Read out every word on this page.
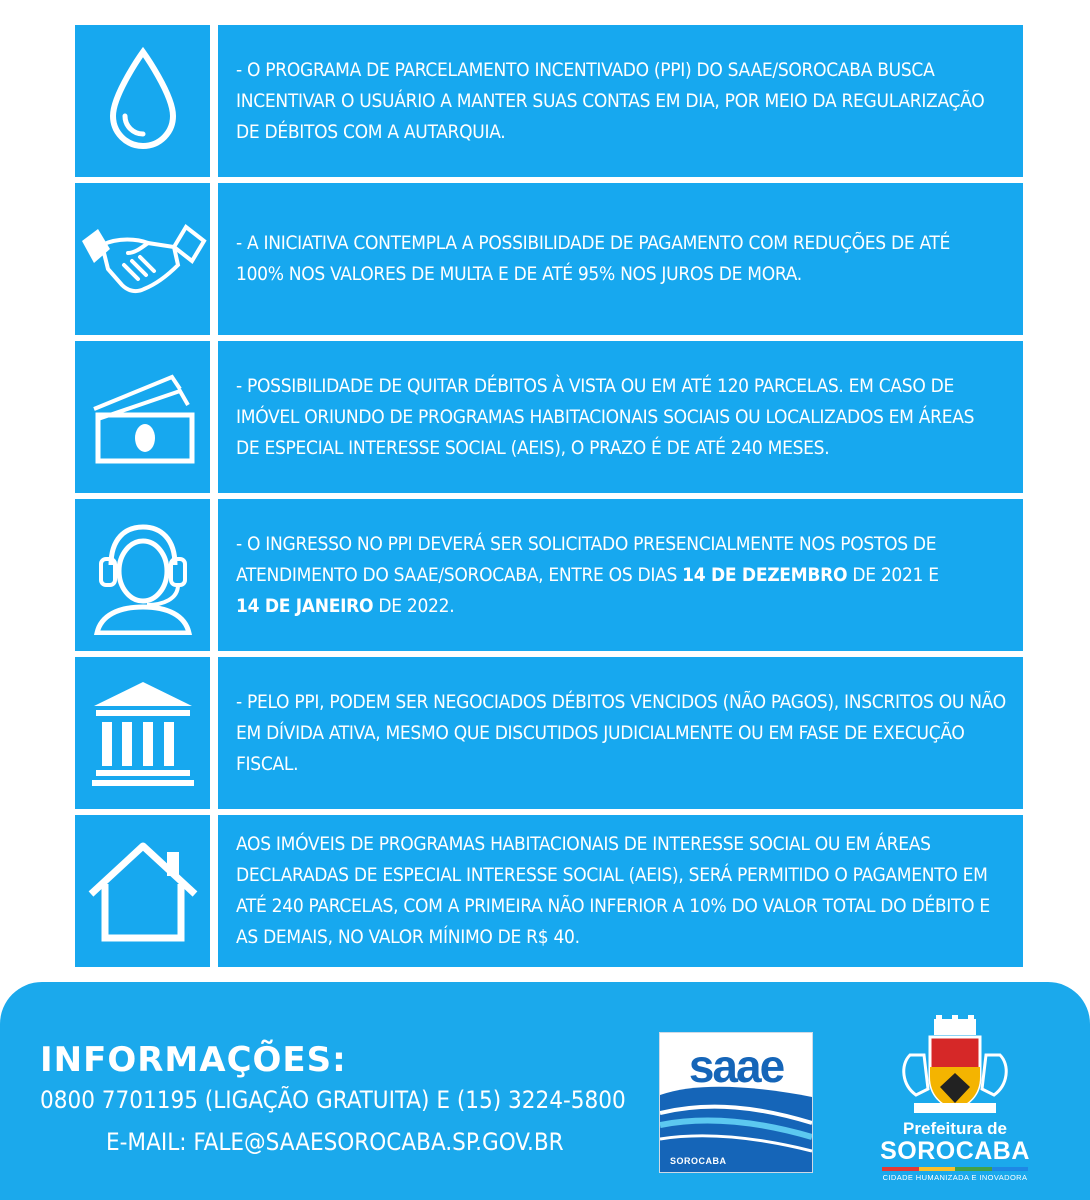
- O PROGRAMA DE PARCELAMENTO INCENTIVADO (PPI) DO SAAE/SOROCABA BUSCA INCENTIVAR O USUÁRIO A MANTER SUAS CONTAS EM DIA, POR MEIO DA REGULARIZAÇÃO DE DÉBITOS COM A AUTARQUIA.

- A INICIATIVA CONTEMPLA A POSSIBILIDADE DE PAGAMENTO COM REDUÇÕES DE ATÉ 100% NOS VALORES DE MULTA E DE ATÉ 95% NOS JUROS DE MORA.

- POSSIBILIDADE DE QUITAR DÉBITOS À VISTA OU EM ATÉ 120 PARCELAS. EM CASO DE IMÓVEL ORIUNDO DE PROGRAMAS HABITACIONAIS SOCIAIS OU LOCALIZADOS EM ÁREAS DE ESPECIAL INTERESSE SOCIAL (AEIS), O PRAZO É DE ATÉ 240 MESES.

- O INGRESSO NO PPI DEVERÁ SER SOLICITADO PRESENCIALMENTE NOS POSTOS DE ATENDIMENTO DO SAAE/SOROCABA, ENTRE OS DIAS 14 DE DEZEMBRO DE 2021 E 14 DE JANEIRO DE 2022.

- PELO PPI, PODEM SER NEGOCIADOS DÉBITOS VENCIDOS (NÃO PAGOS), INSCRITOS OU NÃO EM DÍVIDA ATIVA, MESMO QUE DISCUTIDOS JUDICIALMENTE OU EM FASE DE EXECUÇÃO FISCAL.

AOS IMÓVEIS DE PROGRAMAS HABITACIONAIS DE INTERESSE SOCIAL OU EM ÁREAS DECLARADAS DE ESPECIAL INTERESSE SOCIAL (AEIS), SERÁ PERMITIDO O PAGAMENTO EM ATÉ 240 PARCELAS, COM A PRIMEIRA NÃO INFERIOR A 10% DO VALOR TOTAL DO DÉBITO E AS DEMAIS, NO VALOR MÍNIMO DE R$ 40.

INFORMAÇÕES:
0800 7701195 (LIGAÇÃO GRATUITA) E (15) 3224-5800
E-MAIL: FALE@SAAESOROCABA.SP.GOV.BR
saae
SOROCABA
Prefeitura de
SOROCABA
CIDADE HUMANIZADA E INOVADORA
